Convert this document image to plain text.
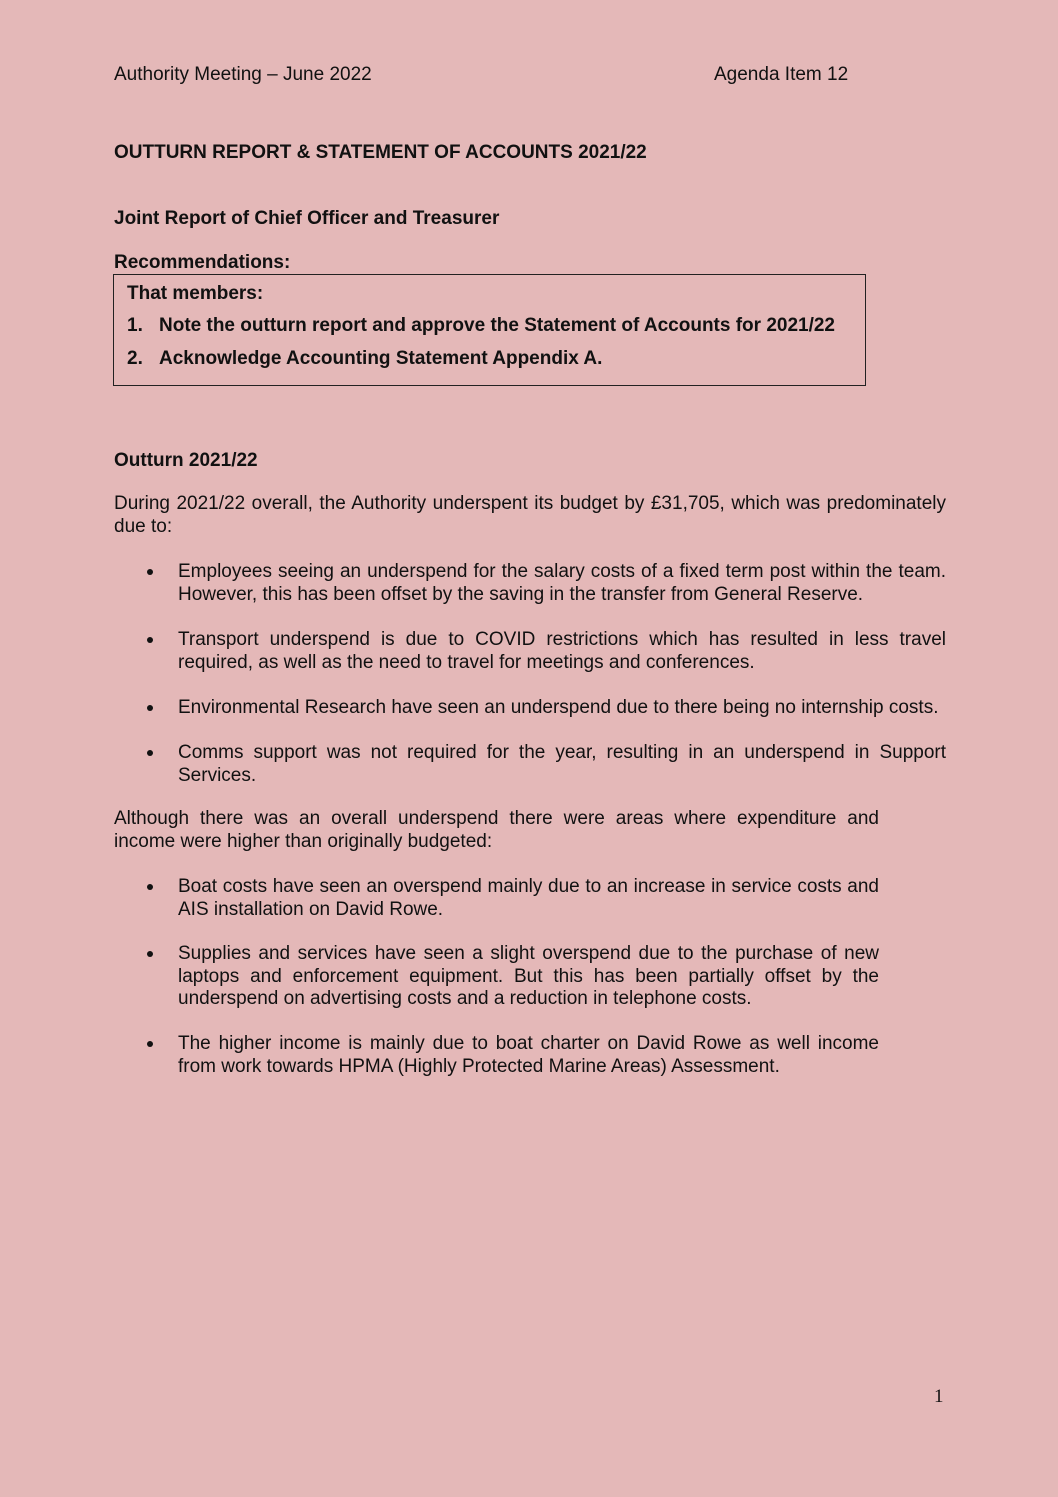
Authority Meeting – June 2022	Agenda Item 12
OUTTURN REPORT & STATEMENT OF ACCOUNTS 2021/22
Joint Report of Chief Officer and Treasurer
Recommendations:
That members:
1. Note the outturn report and approve the Statement of Accounts for 2021/22
2. Acknowledge Accounting Statement Appendix A.
Outturn 2021/22
During 2021/22 overall, the Authority underspent its budget by £31,705, which was predominately due to:
Employees seeing an underspend for the salary costs of a fixed term post within the team. However, this has been offset by the saving in the transfer from General Reserve.
Transport underspend is due to COVID restrictions which has resulted in less travel required, as well as the need to travel for meetings and conferences.
Environmental Research have seen an underspend due to there being no internship costs.
Comms support was not required for the year, resulting in an underspend in Support Services.
Although there was an overall underspend there were areas where expenditure and income were higher than originally budgeted:
Boat costs have seen an overspend mainly due to an increase in service costs and AIS installation on David Rowe.
Supplies and services have seen a slight overspend due to the purchase of new laptops and enforcement equipment. But this has been partially offset by the underspend on advertising costs and a reduction in telephone costs.
The higher income is mainly due to boat charter on David Rowe as well income from work towards HPMA (Highly Protected Marine Areas) Assessment.
1
